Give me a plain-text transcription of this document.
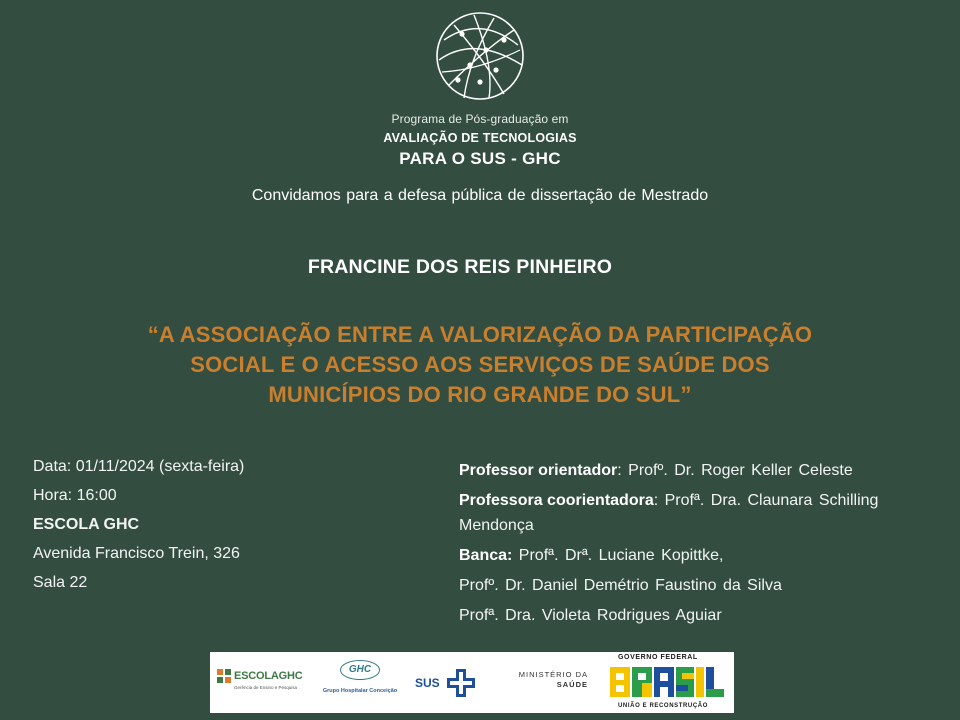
Programa de Pós-graduação em
AVALIAÇÃO DE TECNOLOGIAS
PARA O SUS - GHC
Convidamos para a defesa pública de dissertação de Mestrado
FRANCINE DOS REIS PINHEIRO
“A ASSOCIAÇÃO ENTRE A VALORIZAÇÃO DA PARTICIPAÇÃO
SOCIAL E O ACESSO AOS SERVIÇOS DE SAÚDE DOS
MUNICÍPIOS DO RIO GRANDE DO SUL”
Data: 01/11/2024 (sexta-feira)
Hora: 16:00
ESCOLA GHC
Avenida Francisco Trein, 326
Sala 22
Professor orientador: Profº. Dr. Roger Keller Celeste
Professora coorientadora: Profª. Dra. Claunara Schilling Mendonça
Banca: Profª. Drª. Luciane Kopittke,
Profº. Dr. Daniel Demétrio Faustino da Silva
Profª. Dra. Violeta Rodrigues Aguiar
ESCOLAGHC
Gerência de Ensino e Pesquisa
GHC
Grupo Hospitalar Conceição
SUS
MINISTÉRIO DA
SAÚDE
GOVERNO FEDERAL
UNIÃO E RECONSTRUÇÃO
